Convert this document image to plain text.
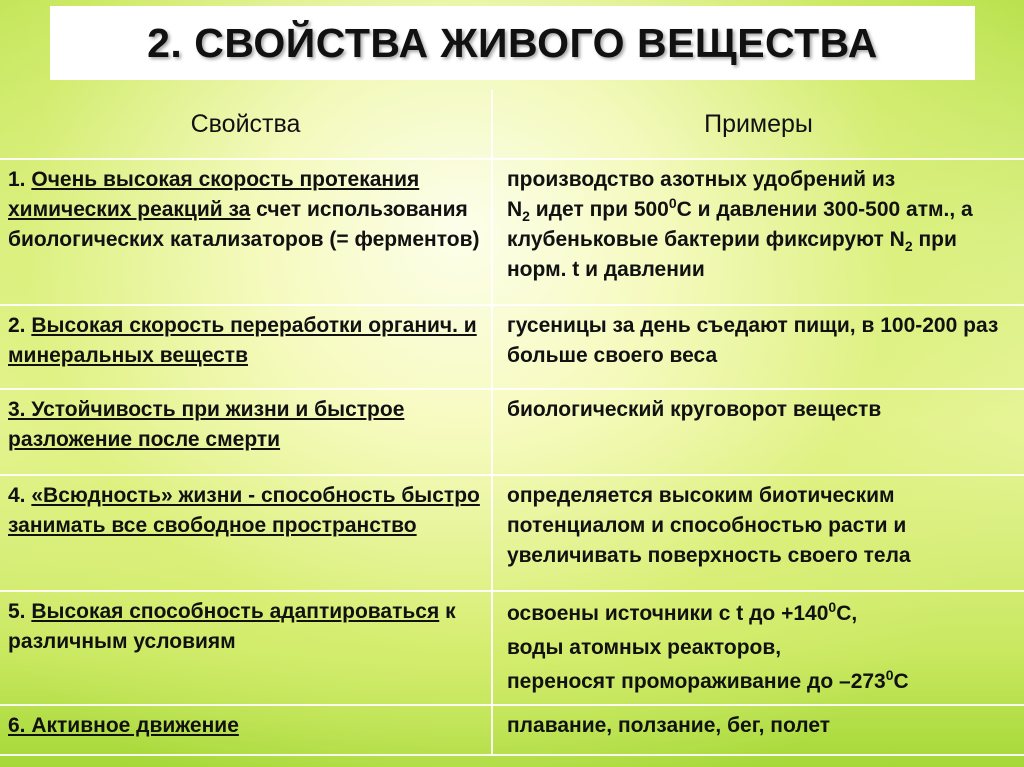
2. СВОЙСТВА ЖИВОГО ВЕЩЕСТВА
Свойства	Примеры

1. Очень высокая скорость протекания химических реакций за счет использования биологических катализаторов (= ферментов)	производство азотных удобрений из
$N_2$ идет при $500^0С$ и давлении 300-500 атм., а клубеньковые бактерии фиксируют $N_2$ при норм. t и давлении

2. Высокая скорость переработки органич. и минеральных веществ	гусеницы за день съедают пищи, в 100-200 раз больше своего веса

3. Устойчивость при жизни и быстрое разложение после смерти	биологический круговорот веществ

4. «Всюдность» жизни - способность быстро занимать все свободное пространство	определяется высоким биотическим потенциалом и способностью расти и увеличивать поверхность своего тела

5. Высокая способность адаптироваться к различным условиям	освоены источники с t до $+140^0С$,
воды атомных реакторов,
переносят промораживание до $-273^0С$

6. Активное движение	плавание, ползание, бег, полет
